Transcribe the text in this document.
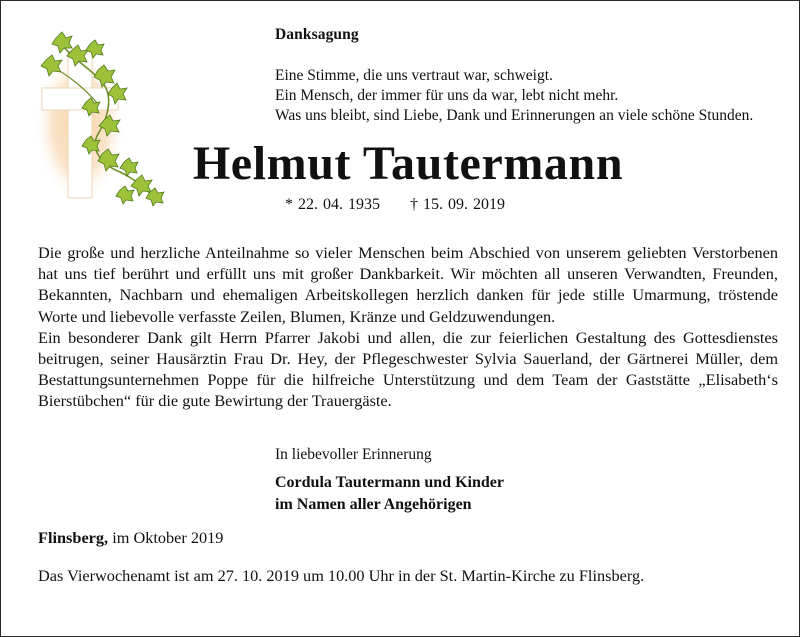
Danksagung

Eine Stimme, die uns vertraut war, schweigt.

Ein Mensch, der immer für uns da war, lebt nicht mehr.

Was uns bleibt, sind Liebe, Dank und Erinnerungen an viele schöne Stunden.

Helmut Tautermann
* 22. 04. 1935 † 15. 09. 2019

Die große und herzliche Anteilnahme so vieler Menschen beim Abschied von unserem geliebten Verstorbenen hat uns tief berührt und erfüllt uns mit großer Dankbarkeit. Wir möchten all unseren Verwandten, Freunden, Bekannten, Nachbarn und ehemaligen Arbeitskollegen herzlich danken für jede stille Umarmung, tröstende Worte und liebevolle verfasste Zeilen, Blumen, Kränze und Geldzuwendungen.

Ein besonderer Dank gilt Herrn Pfarrer Jakobi und allen, die zur feierlichen Gestaltung des Gottesdienstes beitrugen, seiner Hausärztin Frau Dr. Hey, der Pflegeschwester Sylvia Sauerland, der Gärtnerei Müller, dem Bestattungsunternehmen Poppe für die hilfreiche Unterstützung und dem Team der Gaststätte „Elisabeth‘s Bierstübchen“ für die gute Bewirtung der Trauergäste.

In liebevoller Erinnerung

Cordula Tautermann und Kinder

im Namen aller Angehörigen

Flinsberg, im Oktober 2019
Das Vierwochenamt ist am 27. 10. 2019 um 10.00 Uhr in der St. Martin-Kirche zu Flinsberg.
